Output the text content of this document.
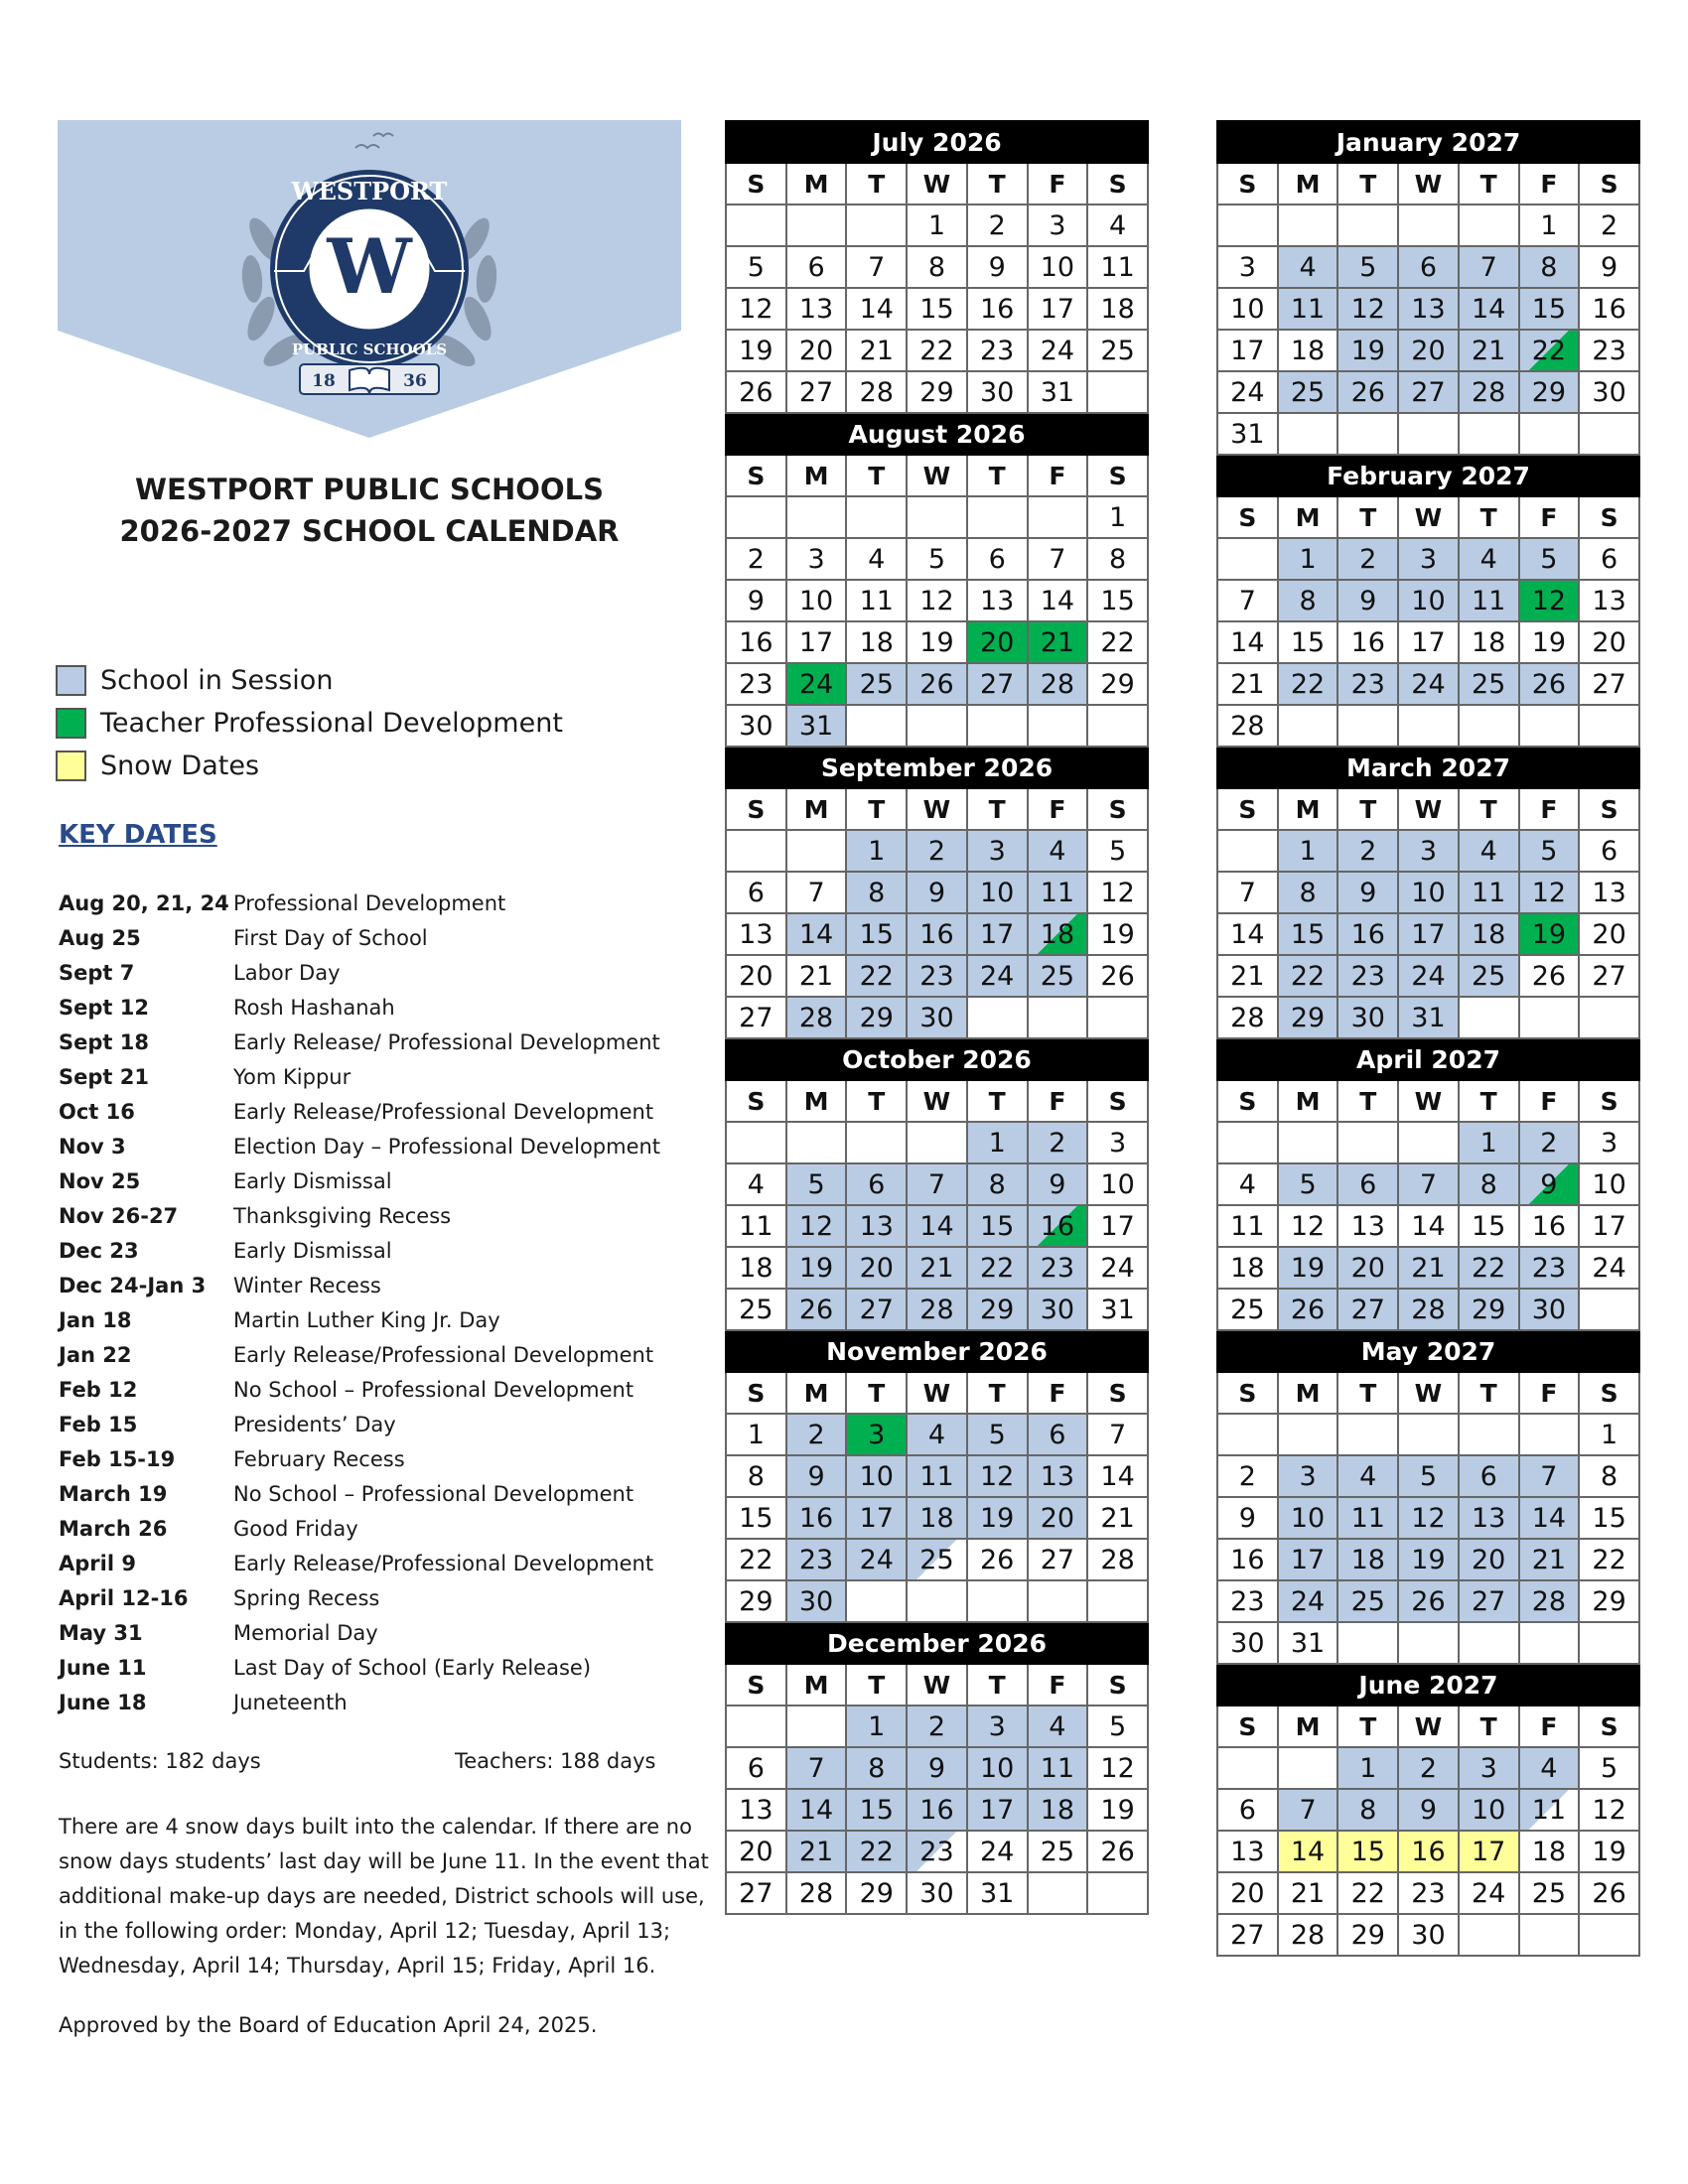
W
WESTPORT
PUBLIC SCHOOLS
18	36
WESTPORT PUBLIC SCHOOLS
2026-2027 SCHOOL CALENDAR
School in Session
Teacher Professional Development
Snow Dates
KEY DATES
Aug 20, 21, 24 Professional Development
Aug 25	First Day of School
Sept 7	Labor Day
Sept 12	Rosh Hashanah
Sept 18	Early Release/ Professional Development
Sept 21	Yom Kippur
Oct 16	Early Release/Professional Development
Nov 3	Election Day – Professional Development
Nov 25	Early Dismissal
Nov 26-27	Thanksgiving Recess
Dec 23	Early Dismissal
Dec 24-Jan 3	Winter Recess
Jan 18	Martin Luther King Jr. Day
Jan 22	Early Release/Professional Development
Feb 12	No School – Professional Development
Feb 15	Presidents’ Day
Feb 15-19	February Recess
March 19	No School – Professional Development
March 26	Good Friday
April 9	Early Release/Professional Development
April 12-16	Spring Recess
May 31	Memorial Day
June 11	Last Day of School (Early Release)
June 18	Juneteenth
Students: 182 days	Teachers: 188 days
There are 4 snow days built into the calendar. If there are no snow days students’ last day will be June 11. In the event that additional make-up days are needed, District schools will use, in the following order: Monday, April 12; Tuesday, April 13; Wednesday, April 14; Thursday, April 15; Friday, April 16.
Approved by the Board of Education April 24, 2025.
July 2026						
S	M	T	W	T	F	S
			1	2	3	4
5	6	7	8	9	10	11
12	13	14	15	16	17	18
19	20	21	22	23	24	25
26	27	28	29	30	31	
August 2026						
S	M	T	W	T	F	S
						1
2	3	4	5	6	7	8
9	10	11	12	13	14	15
16	17	18	19	20	21	22
23	24	25	26	27	28	29
30	31					
September 2026						
S	M	T	W	T	F	S
		1	2	3	4	5
6	7	8	9	10	11	12
13	14	15	16	17	18	19
20	21	22	23	24	25	26
27	28	29	30			
October 2026						
S	M	T	W	T	F	S
				1	2	3
4	5	6	7	8	9	10
11	12	13	14	15	16	17
18	19	20	21	22	23	24
25	26	27	28	29	30	31
November 2026						
S	M	T	W	T	F	S
1	2	3	4	5	6	7
8	9	10	11	12	13	14
15	16	17	18	19	20	21
22	23	24	25	26	27	28
29	30					
December 2026						
S	M	T	W	T	F	S
		1	2	3	4	5
6	7	8	9	10	11	12
13	14	15	16	17	18	19
20	21	22	23	24	25	26
27	28	29	30	31		
January 2027						
S	M	T	W	T	F	S
					1	2
3	4	5	6	7	8	9
10	11	12	13	14	15	16
17	18	19	20	21	22	23
24	25	26	27	28	29	30
31						
February 2027						
S	M	T	W	T	F	S
	1	2	3	4	5	6
7	8	9	10	11	12	13
14	15	16	17	18	19	20
21	22	23	24	25	26	27
28						
March 2027						
S	M	T	W	T	F	S
	1	2	3	4	5	6
7	8	9	10	11	12	13
14	15	16	17	18	19	20
21	22	23	24	25	26	27
28	29	30	31			
April 2027						
S	M	T	W	T	F	S
				1	2	3
4	5	6	7	8	9	10
11	12	13	14	15	16	17
18	19	20	21	22	23	24
25	26	27	28	29	30	
May 2027						
S	M	T	W	T	F	S
						1
2	3	4	5	6	7	8
9	10	11	12	13	14	15
16	17	18	19	20	21	22
23	24	25	26	27	28	29
30	31					
June 2027						
S	M	T	W	T	F	S
		1	2	3	4	5
6	7	8	9	10	11	12
13	14	15	16	17	18	19
20	21	22	23	24	25	26
27	28	29	30			
